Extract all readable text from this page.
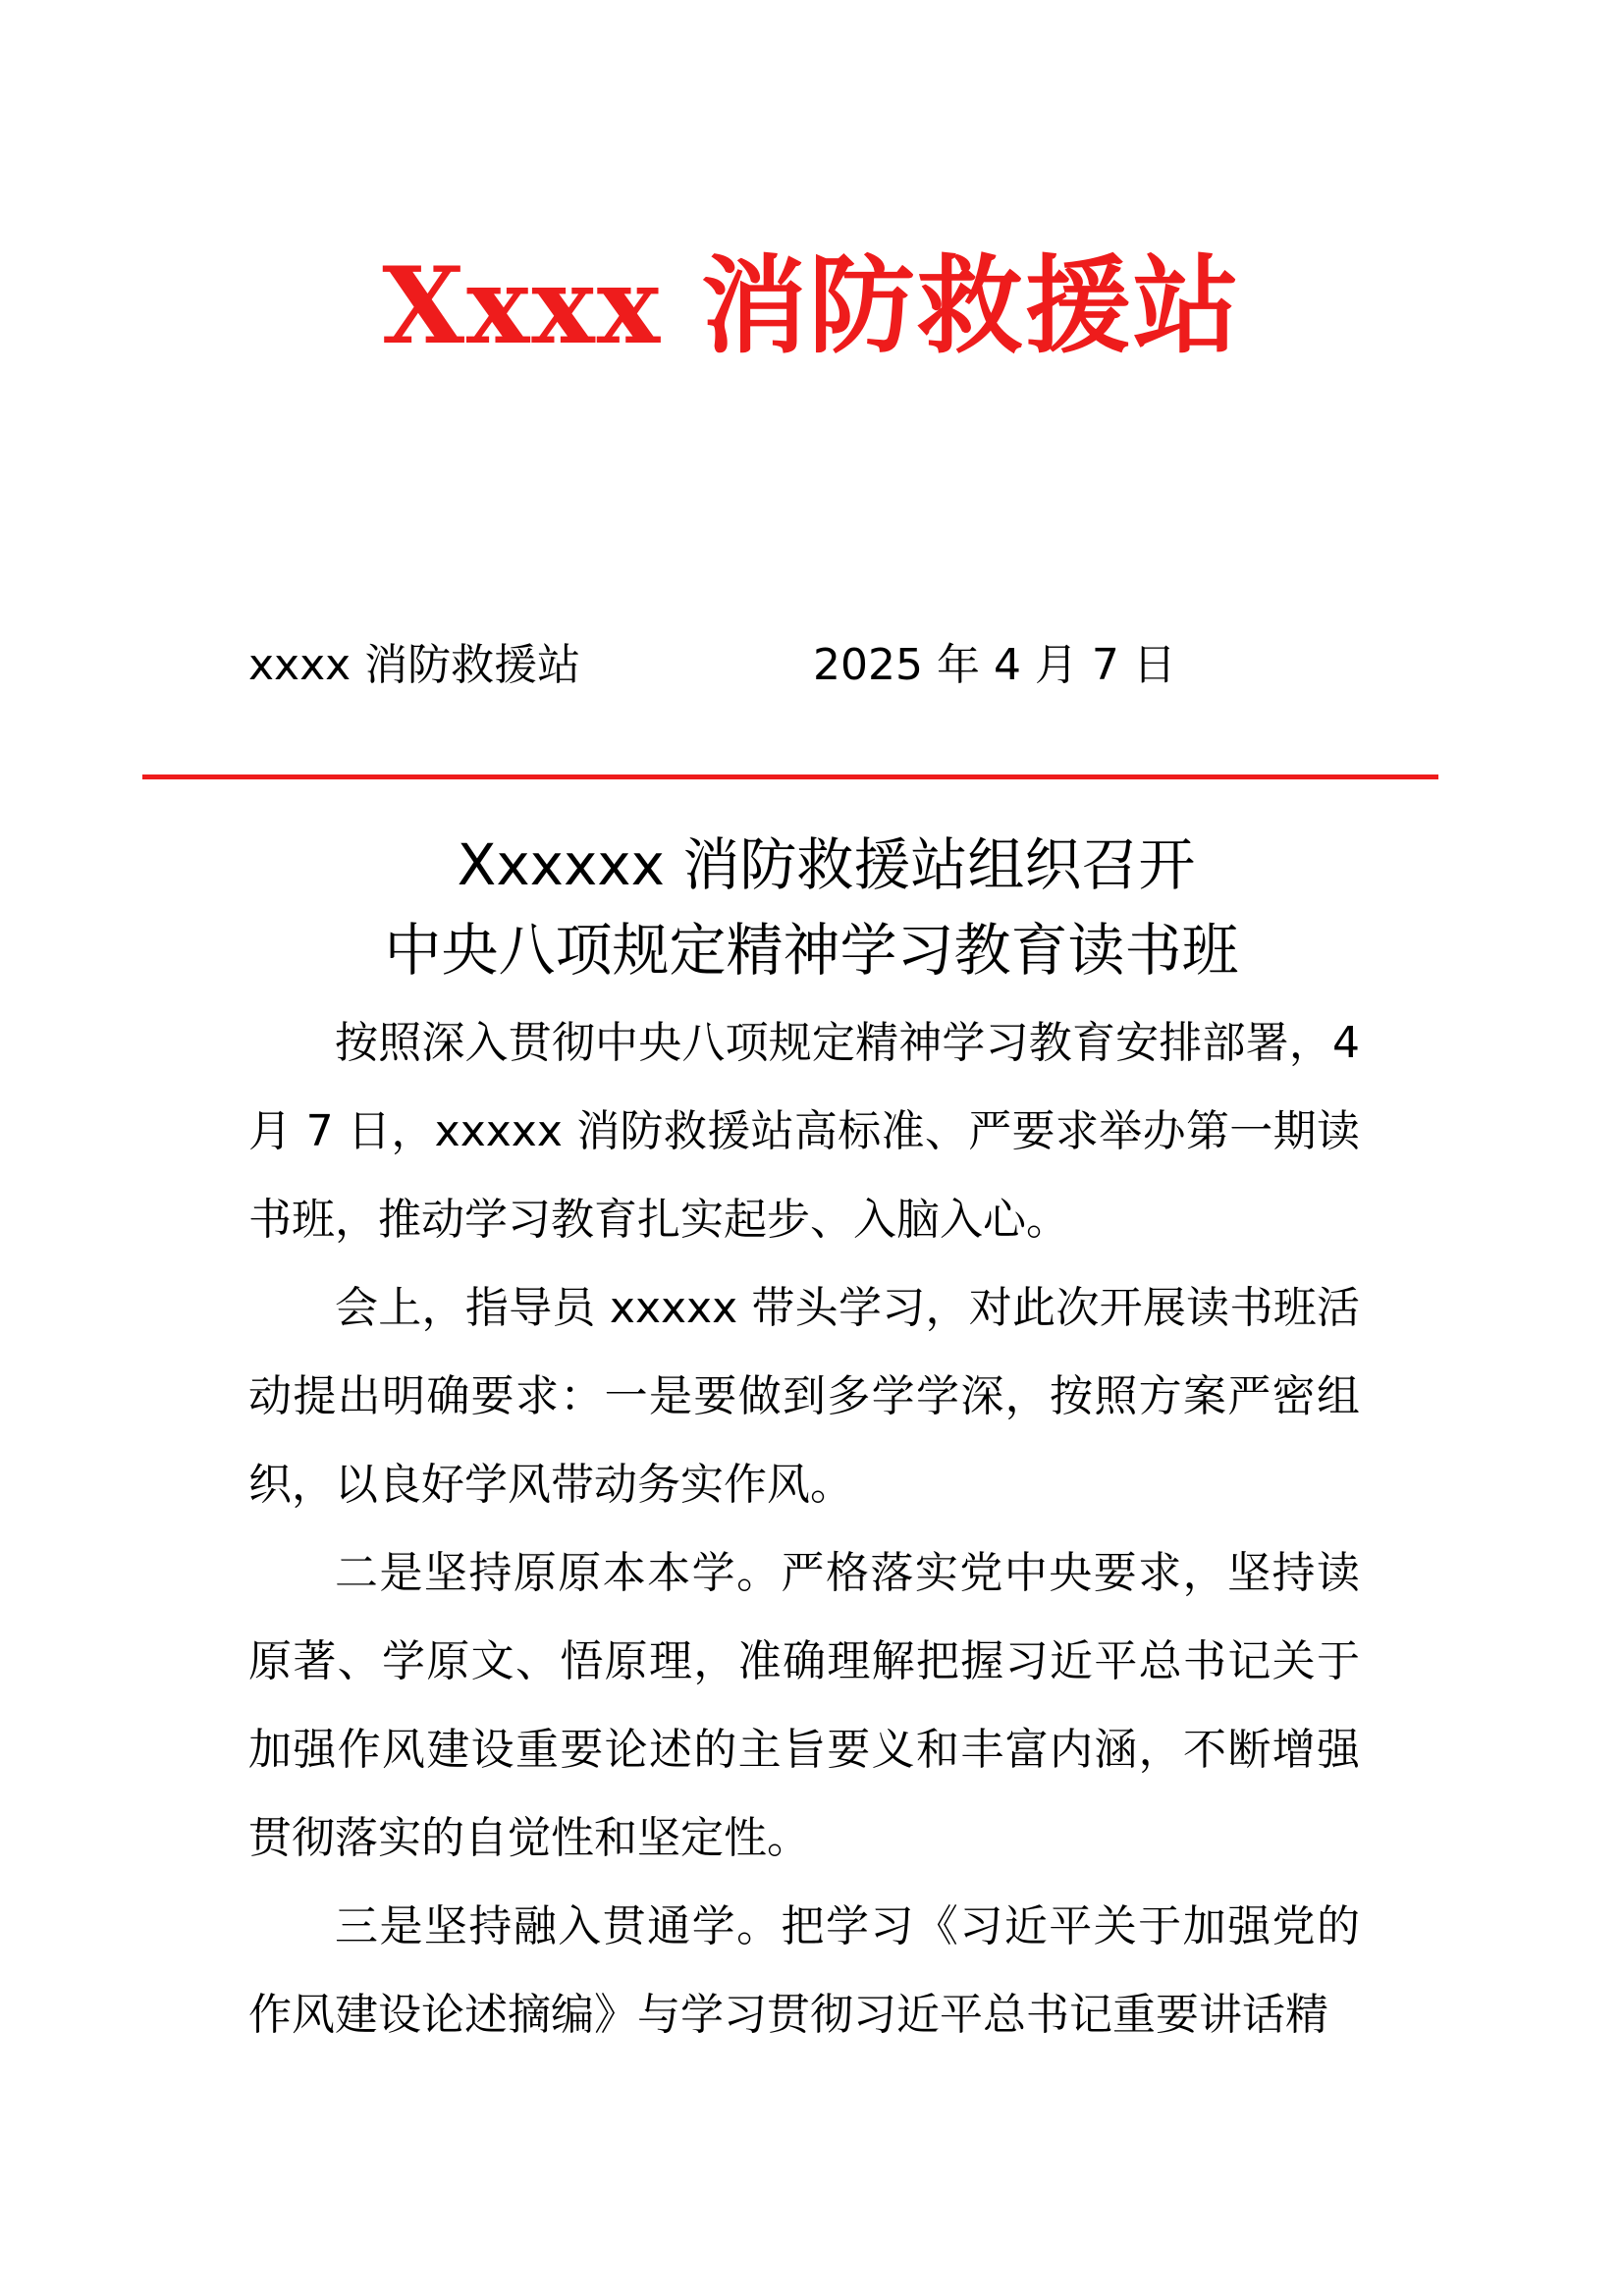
Xxxx 消防救援站
xxxx 消防救援站	2025 年 4 月 7 日
Xxxxxx 消防救援站组织召开
中央八项规定精神学习教育读书班

按照深入贯彻中央八项规定精神学习教育安排部署，4 月 7 日，xxxxx 消防救援站高标准、严要求举办第一期读书班，推动学习教育扎实起步、入脑入心。

会上，指导员 xxxxx 带头学习，对此次开展读书班活动提出明确要求：一是要做到多学学深，按照方案严密组织，以良好学风带动务实作风。

二是坚持原原本本学。严格落实党中央要求，坚持读原著、学原文、悟原理，准确理解把握习近平总书记关于加强作风建设重要论述的主旨要义和丰富内涵，不断增强贯彻落实的自觉性和坚定性。

三是坚持融入贯通学。把学习《习近平关于加强党的作风建设论述摘编》与学习贯彻习近平总书记重要讲话精
